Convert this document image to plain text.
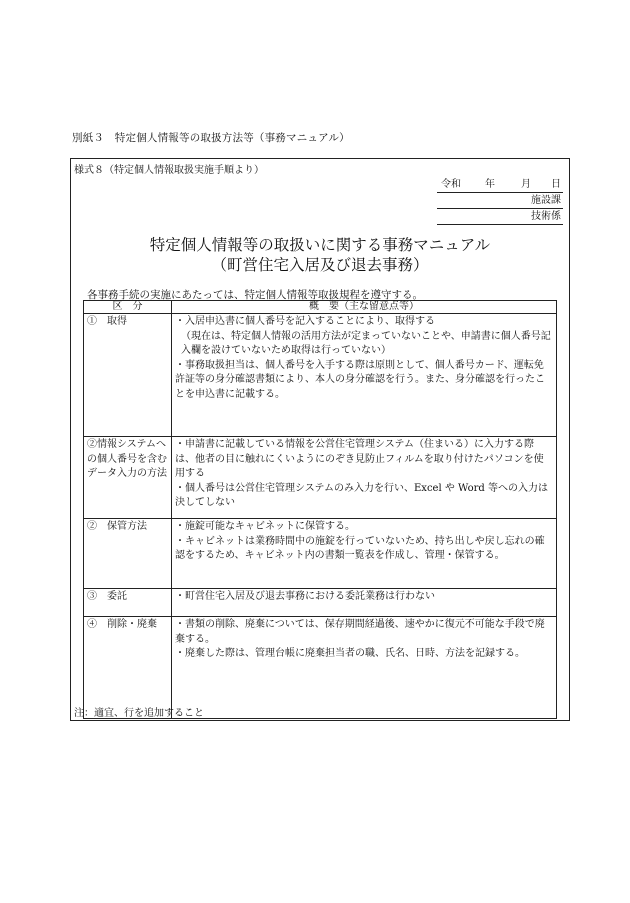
別紙３　特定個人情報等の取扱方法等（事務マニュアル）
様式８（特定個人情報取扱実施手順より）
令和 年	月 日
施設課
技術係
特定個人情報等の取扱いに関する事務マニュアル
（町営住宅入居及び退去事務）
各事務手続の実施にあたっては、特定個人情報等取扱規程を遵守する。
区　分	概　要（主な留意点等）
①　取得	・入居申込書に個人番号を記入することにより、取得する
（現在は、特定個人情報の活用方法が定まっていないことや、申請書に個人番号記入欄を設けていないため取得は行っていない）
・事務取扱担当は、個人番号を入手する際は原則として、個人番号カード、運転免許証等の身分確認書類により、本人の身分確認を行う。また、身分確認を行ったことを申込書に記載する。

②情報システムへの個人番号を含むデータ入力の方法	・申請書に記載している情報を公営住宅管理システム（住まいる）に入力する際は、他者の目に触れにくいようにのぞき見防止フィルムを取り付けたパソコンを使用する
・個人番号は公営住宅管理システムのみ入力を行い、Excel や Word 等への入力は決してしない

②　保管方法	・施錠可能なキャビネットに保管する。
・キャビネットは業務時間中の施錠を行っていないため、持ち出しや戻し忘れの確認をするため、キャビネット内の書類一覧表を作成し、管理・保管する。

③　委託	・町営住宅入居及び退去事務における委託業務は行わない

④　削除・廃棄	・書類の削除、廃棄については、保存期間経過後、速やかに復元不可能な手段で廃棄する。
・廃棄した際は、管理台帳に廃棄担当者の職、氏名、日時、方法を記録する。
注：適宜、行を追加すること
